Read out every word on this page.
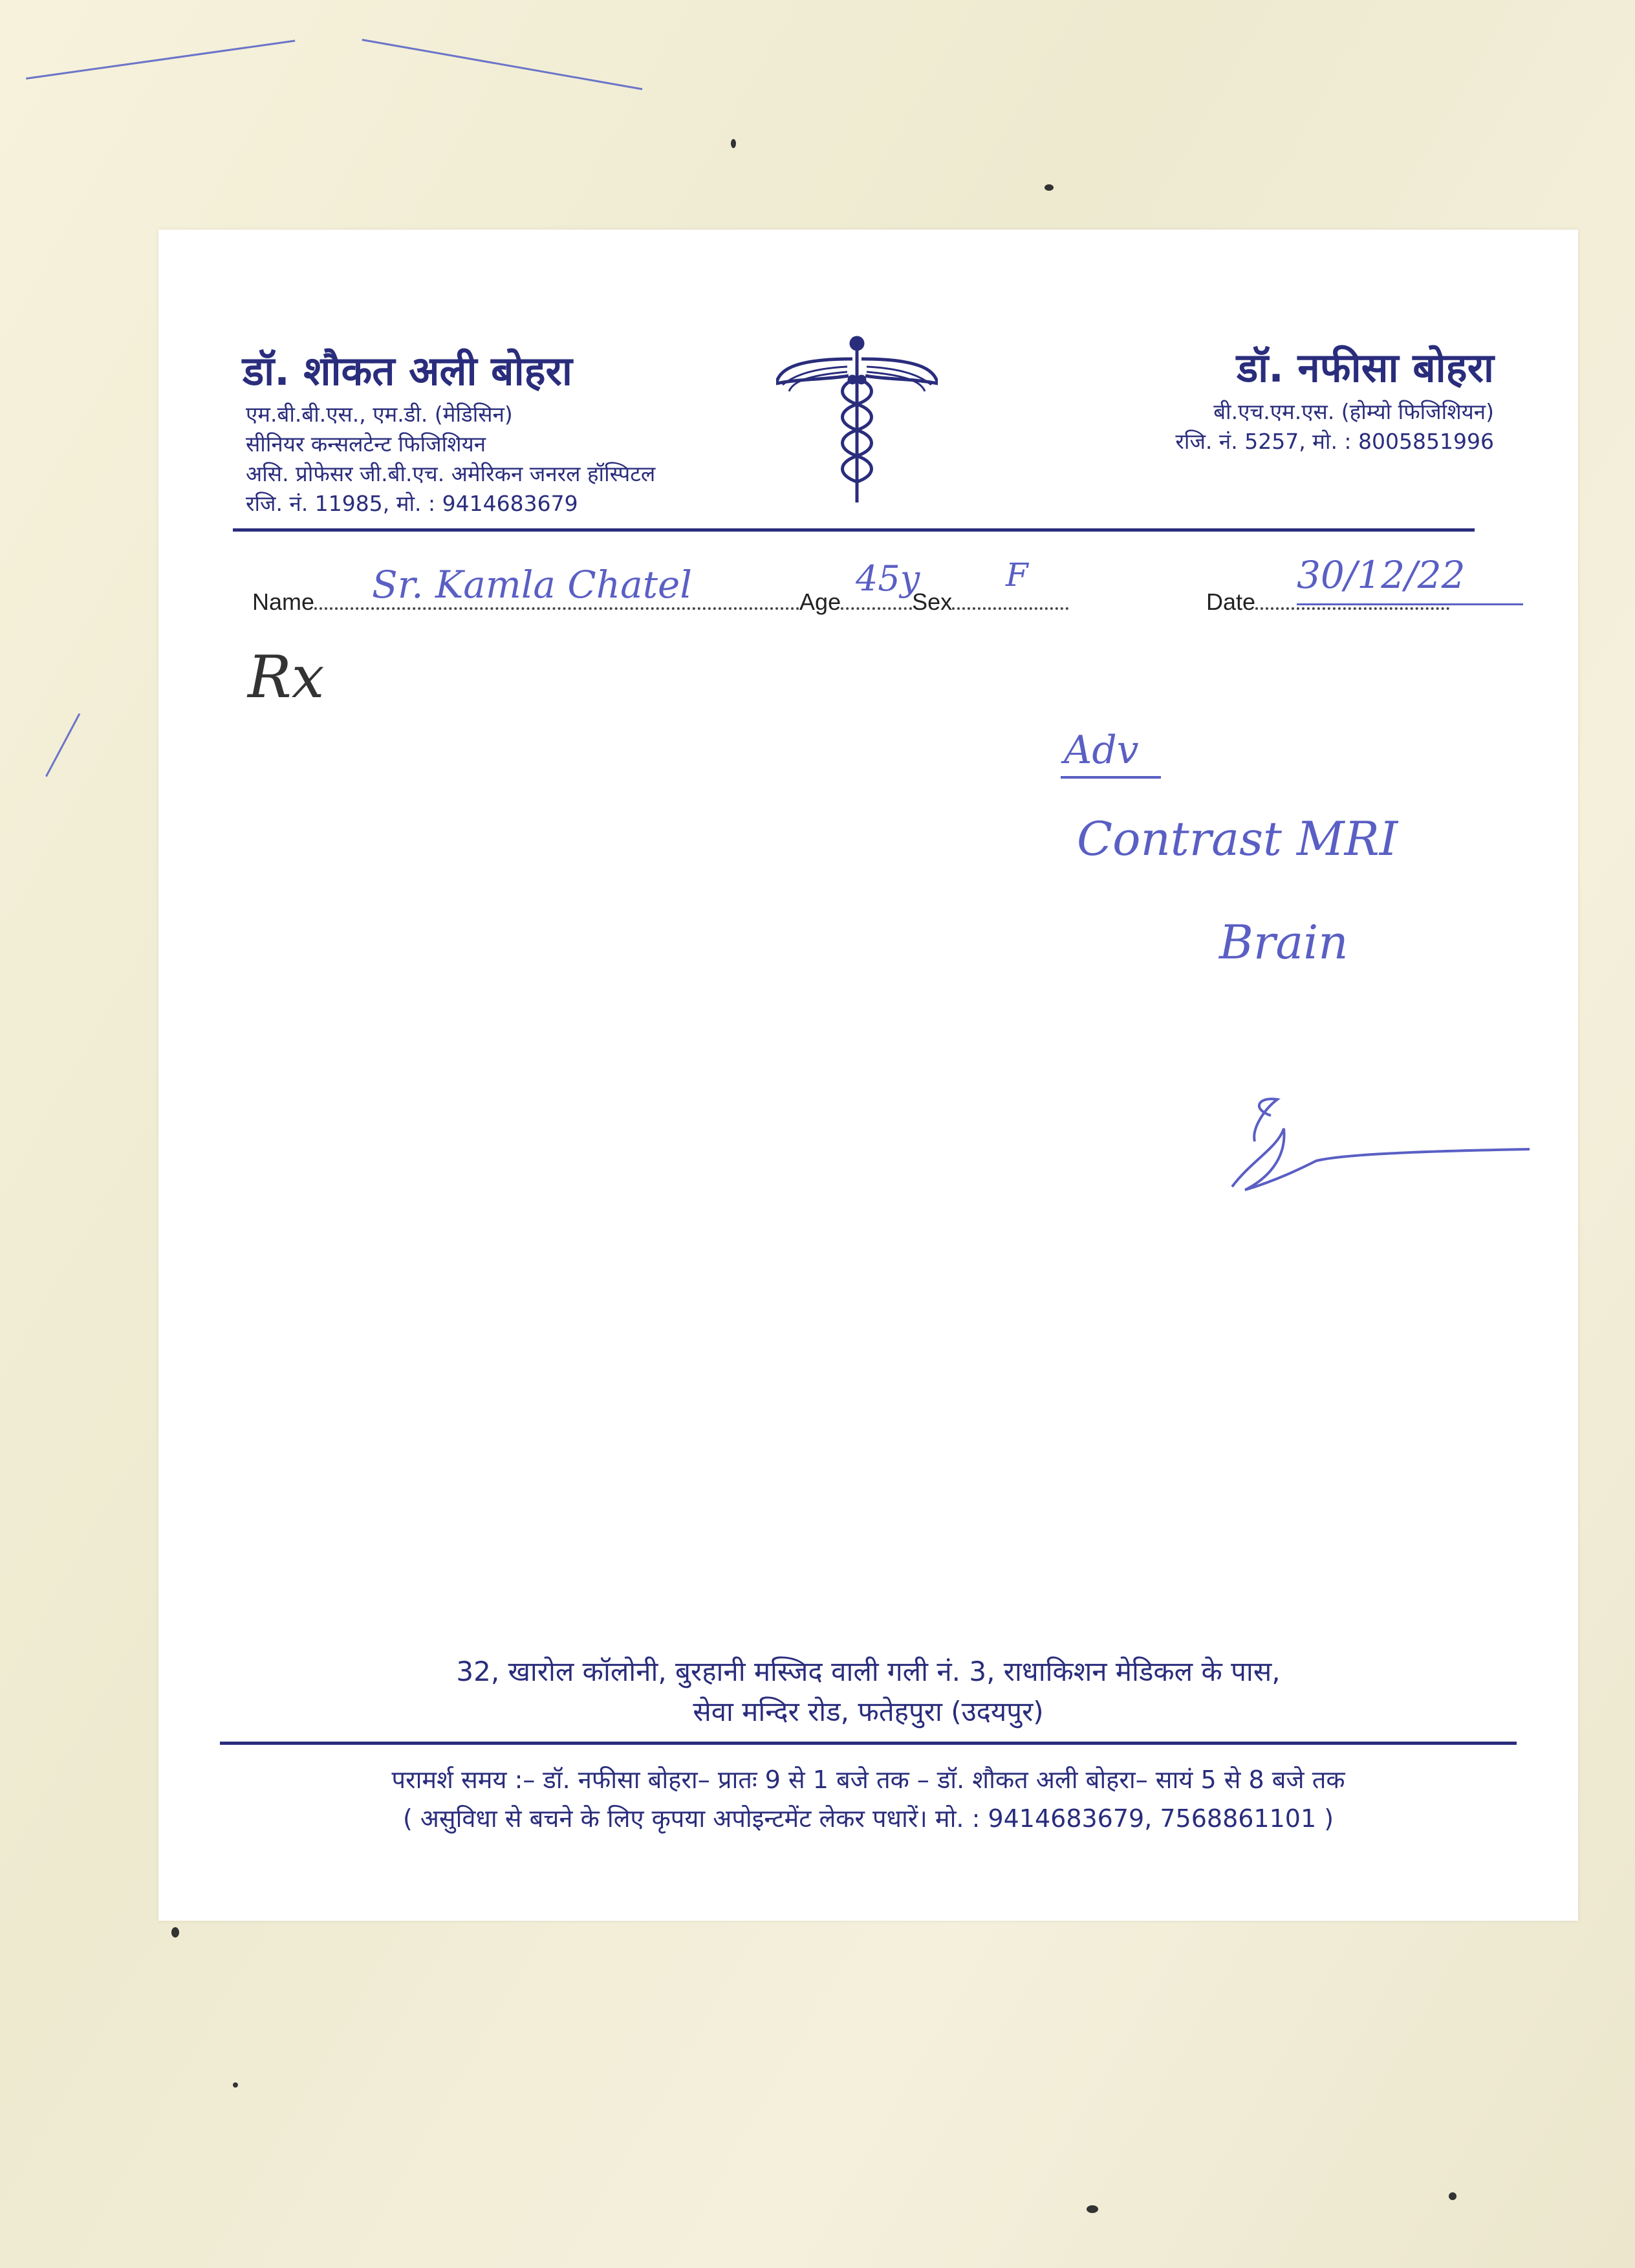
डॉ. शौकत अली बोहरा
एम.बी.बी.एस., एम.डी. (मेडिसिन)
सीनियर कन्सलटेन्ट फिजिशियन
असि. प्रोफेसर जी.बी.एच. अमेरिकन जनरल हॉस्पिटल
रजि. नं. 11985, मो. : 9414683679
डॉ. नफीसा बोहरा
बी.एच.एम.एस. (होम्यो फिजिशियन)
रजि. नं. 5257, मो. : 8005851996
Name	Age	Sex	Date
Sr. Kamla Chatel	45y	F	30/12/22
Rx
Adv
Contrast MRI
Brain
32, खारोल कॉलोनी, बुरहानी मस्जिद वाली गली नं. 3, राधाकिशन मेडिकल के पास,
सेवा मन्दिर रोड, फतेहपुरा (उदयपुर)
परामर्श समय :– डॉ. नफीसा बोहरा– प्रातः 9 से 1 बजे तक – डॉ. शौकत अली बोहरा– सायं 5 से 8 बजे तक
( असुविधा से बचने के लिए कृपया अपोइन्टमेंट लेकर पधारें। मो. : 9414683679, 7568861101 )
